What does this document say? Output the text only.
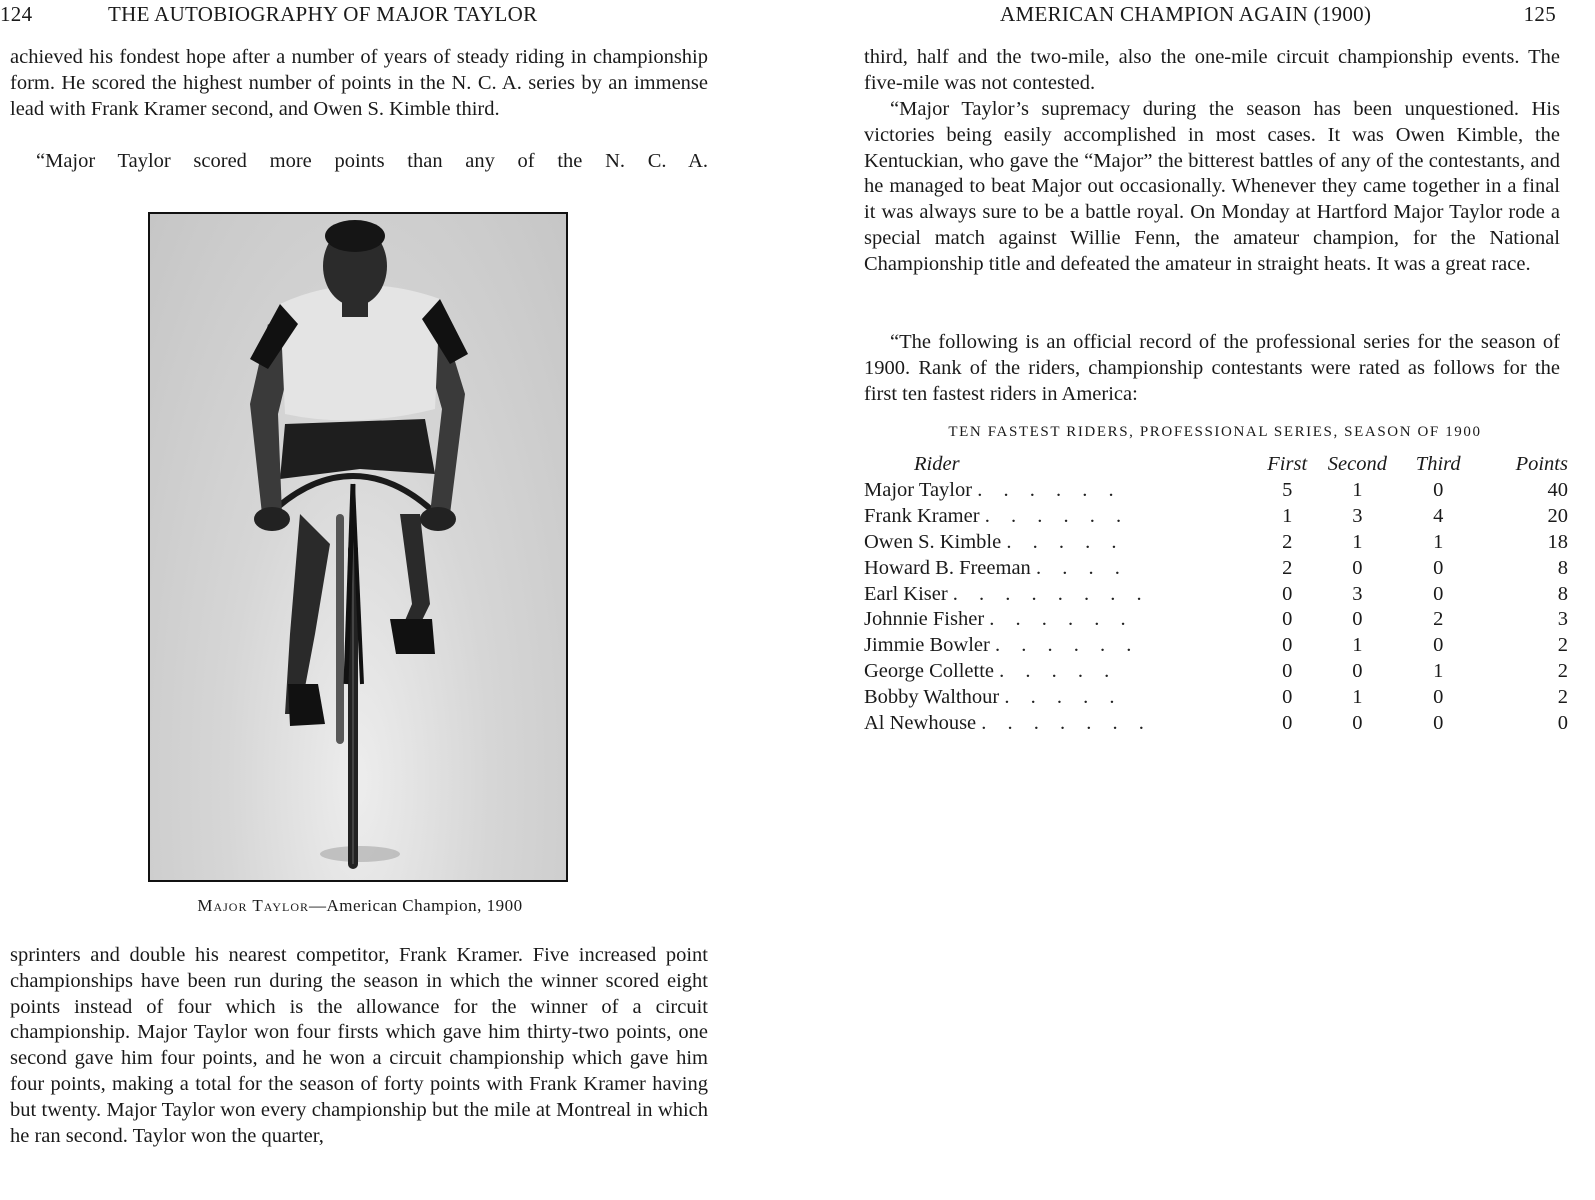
124	THE AUTOBIOGRAPHY OF MAJOR TAYLOR

achieved his fondest hope after a number of years of steady riding in championship form. He scored the highest number of points in the N. C. A. series by an immense lead with Frank Kramer second, and Owen S. Kimble third.

“Major Taylor scored more points than any of the N. C. A.

Major Taylor—American Champion, 1900

sprinters and double his nearest competitor, Frank Kramer. Five increased point championships have been run during the season in which the winner scored eight points instead of four which is the allowance for the winner of a circuit championship. Major Taylor won four firsts which gave him thirty-two points, one second gave him four points, and he won a circuit championship which gave him four points, making a total for the season of forty points with Frank Kramer having but twenty. Major Taylor won every championship but the mile at Montreal in which he ran second. Taylor won the quarter,

AMERICAN CHAMPION AGAIN (1900)	125

third, half and the two-mile, also the one-mile circuit championship events. The five-mile was not contested.

“Major Taylor’s supremacy during the season has been unquestioned. His victories being easily accomplished in most cases. It was Owen Kimble, the Kentuckian, who gave the “Major” the bitterest battles of any of the contestants, and he managed to beat Major out occasionally. Whenever they came together in a final it was always sure to be a battle royal. On Monday at Hartford Major Taylor rode a special match against Willie Fenn, the amateur champion, for the National Championship title and defeated the amateur in straight heats. It was a great race.

“The following is an official record of the professional series for the season of 1900. Rank of the riders, championship contestants were rated as follows for the first ten fastest riders in America:

TEN FASTEST RIDERS, PROFESSIONAL SERIES, SEASON OF 1900
Rider	First	Second	Third	Points
Major Taylor . . . . . .	5	1	0	40
Frank Kramer . . . . . .	1	3	4	20
Owen S. Kimble . . . . .	2	1	1	18
Howard B. Freeman . . . .	2	0	0	8
Earl Kiser . . . . . . . .	0	3	0	8
Johnnie Fisher . . . . . .	0	0	2	3
Jimmie Bowler . . . . . .	0	1	0	2
George Collette . . . . .	0	0	1	2
Bobby Walthour . . . . .	0	1	0	2
Al Newhouse . . . . . . .	0	0	0	0
